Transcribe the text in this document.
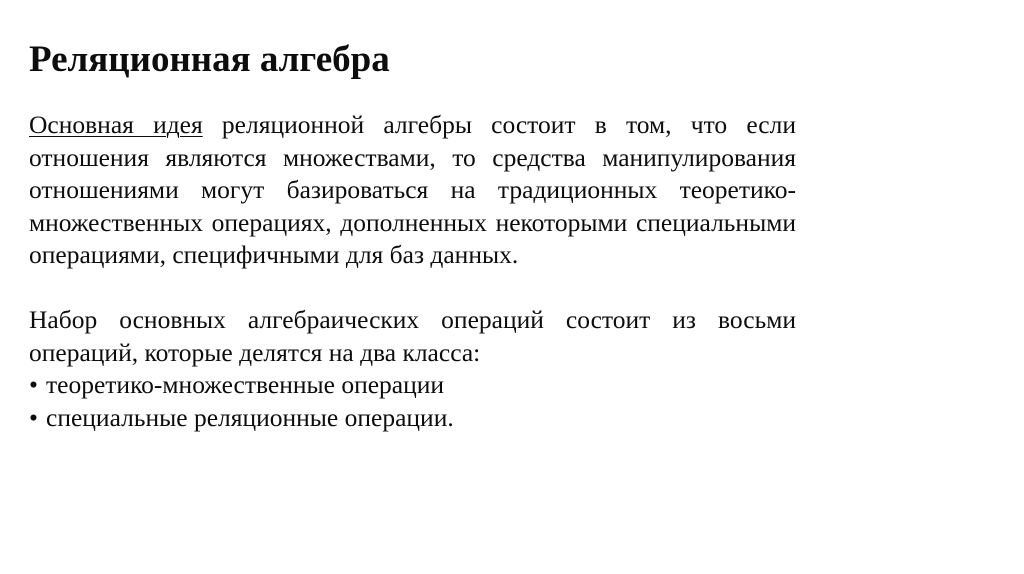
Реляционная алгебра

Основная идея реляционной алгебры состоит в том, что если отношения являются множествами, то средства манипулирования отношениями могут базироваться на традиционных теоретико-множественных операциях, дополненных некоторыми специальными операциями, специфичными для баз данных.

Набор основных алгебраических операций состоит из восьми операций, которые делятся на два класса:

• теоретико-множественные операции
• специальные реляционные операции.
